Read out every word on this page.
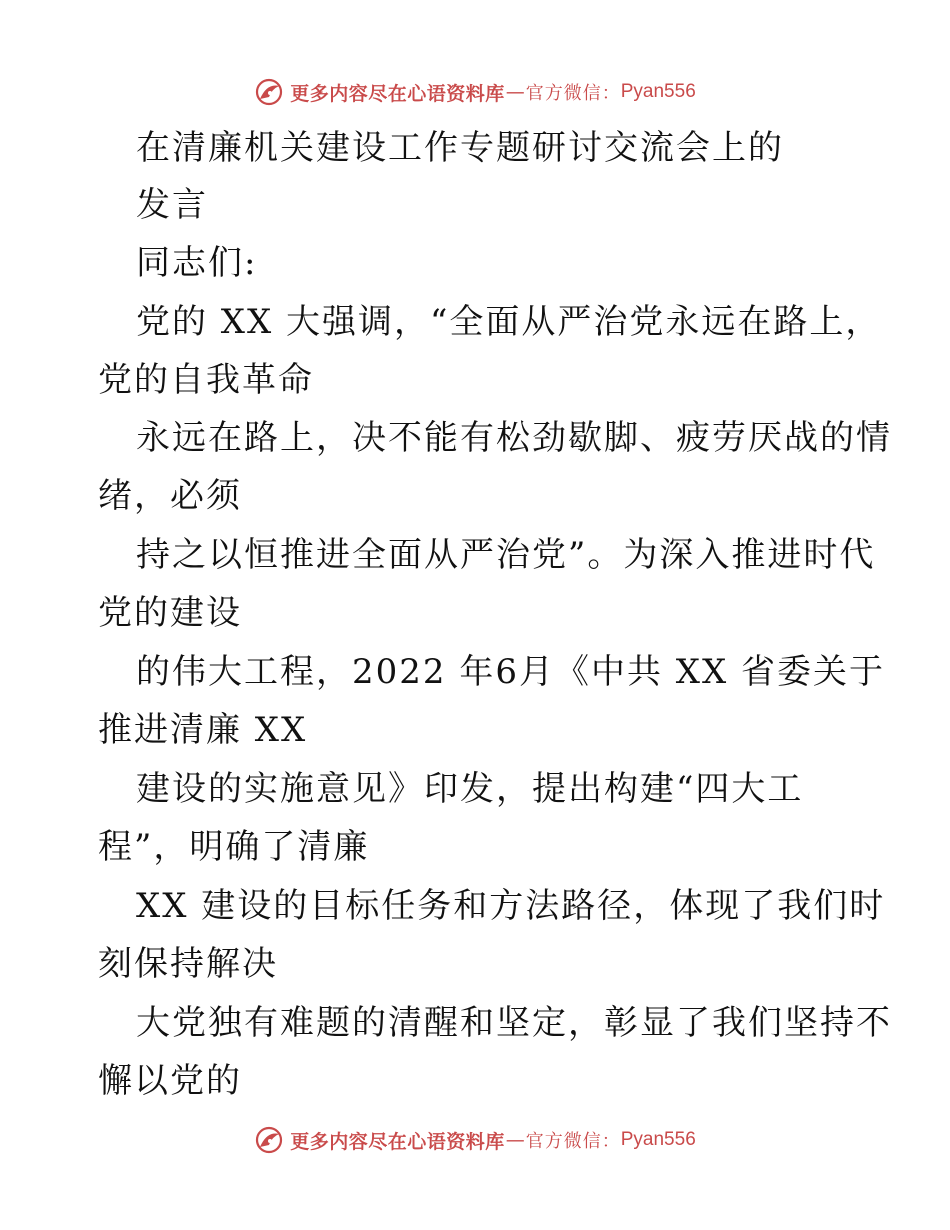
更多内容尽在心语资料库 — 官方微信： Pyan556
在清廉机关建设工作专题研讨交流会上的
发言
同志们:
党的 XX 大强调，“全面从严治党永远在路上，
党的自我革命
永远在路上，决不能有松劲歇脚、疲劳厌战的情
绪，必须
持之以恒推进全面从严治党”。为深入推进时代
党的建设
的伟大工程，2022 年6月《中共 XX 省委关于
推进清廉 XX
建设的实施意见》印发，提出构建“四大工
程”，明确了清廉
XX 建设的目标任务和方法路径，体现了我们时
刻保持解决
大党独有难题的清醒和坚定，彰显了我们坚持不
懈以党的
更多内容尽在心语资料库 — 官方微信： Pyan556
